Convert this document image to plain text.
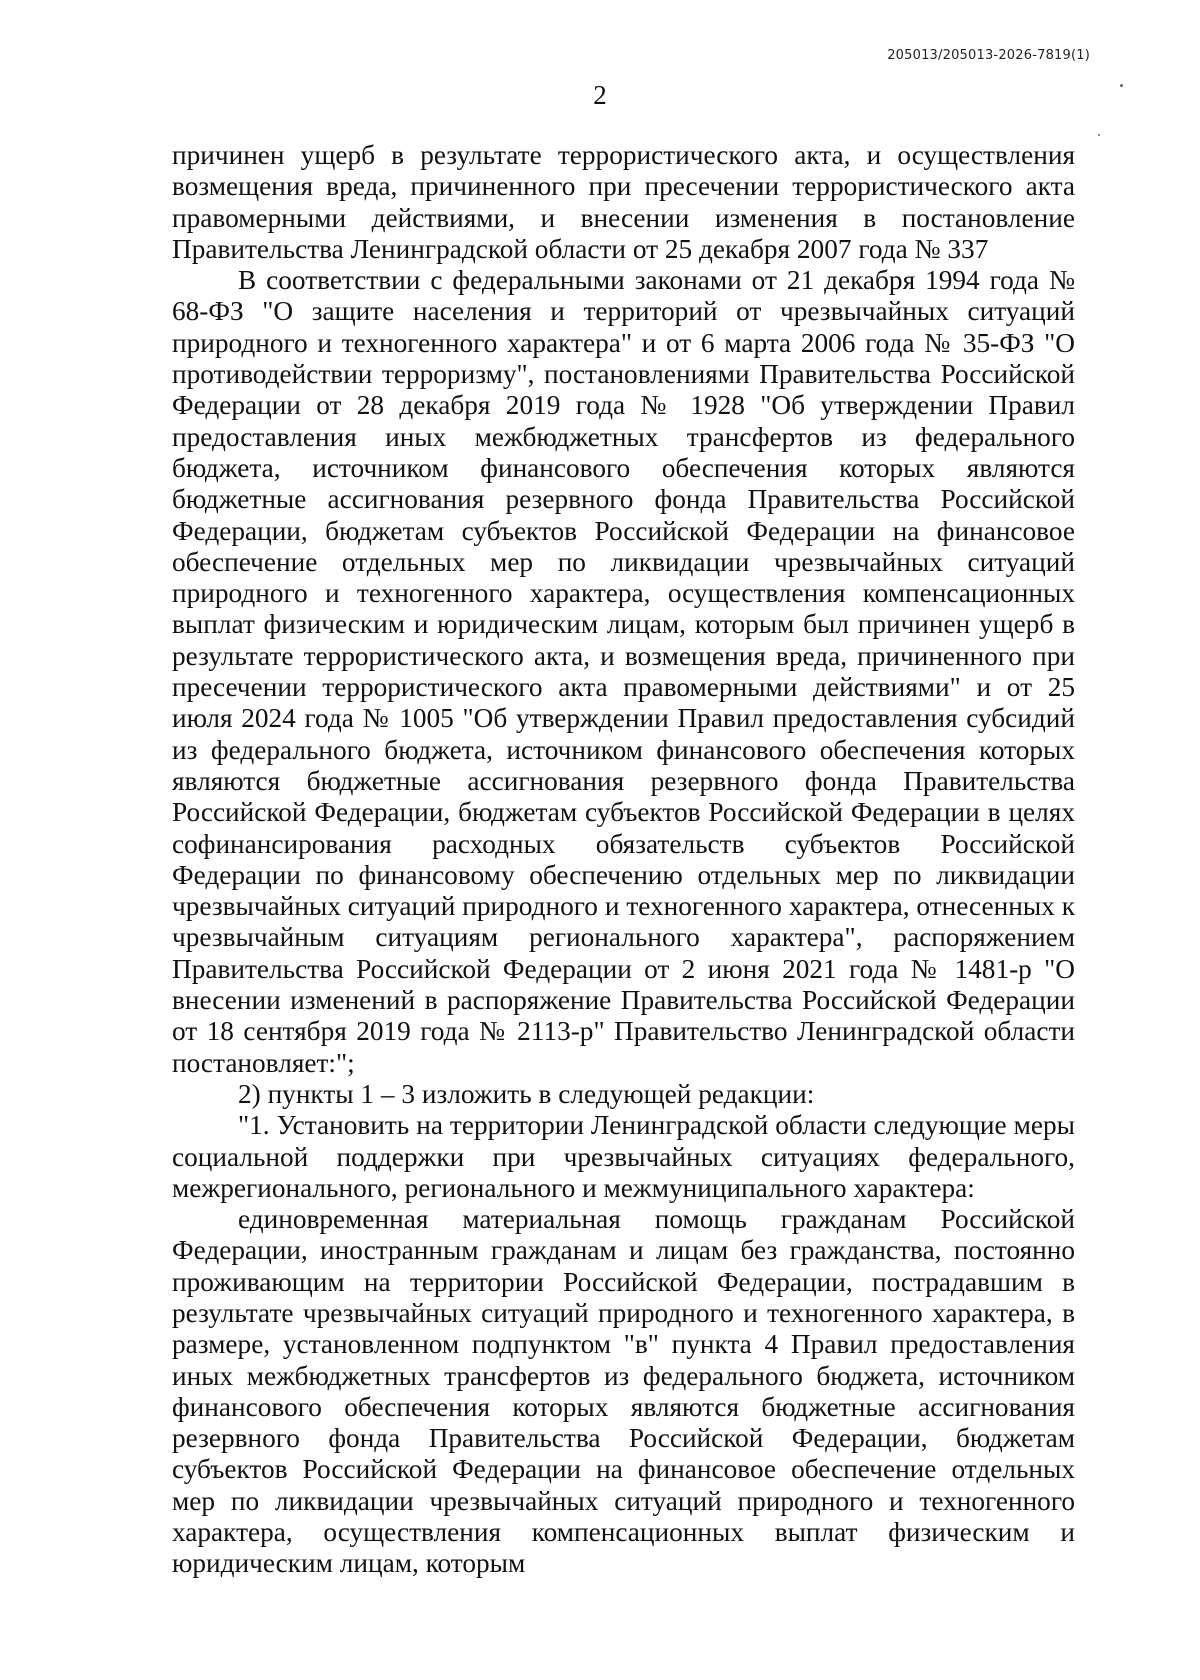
205013/205013-2026-7819(1)
2

причинен ущерб в результате террористического акта, и осуществления возмещения вреда, причиненного при пресечении террористического акта правомерными действиями, и внесении изменения в постановление Правительства Ленинградской области от 25 декабря 2007 года № 337

В соответствии с федеральными законами от 21 декабря 1994 года № 68-ФЗ "О защите населения и территорий от чрезвычайных ситуаций природного и техногенного характера" и от 6 марта 2006 года № 35-ФЗ "О противодействии терроризму", постановлениями Правительства Российской Федерации от 28 декабря 2019 года № 1928 "Об утверждении Правил предоставления иных межбюджетных трансфертов из федерального бюджета, источником финансового обеспечения которых являются бюджетные ассигнования резервного фонда Правительства Российской Федерации, бюджетам субъектов Российской Федерации на финансовое обеспечение отдельных мер по ликвидации чрезвычайных ситуаций природного и техногенного характера, осуществления компенсационных выплат физическим и юридическим лицам, которым был причинен ущерб в результате террористического акта, и возмещения вреда, причиненного при пресечении террористического акта правомерными действиями" и от 25 июля 2024 года № 1005 "Об утверждении Правил предоставления субсидий из федерального бюджета, источником финансового обеспечения которых являются бюджетные ассигнования резервного фонда Правительства Российской Федерации, бюджетам субъектов Российской Федерации в целях софинансирования расходных обязательств субъектов Российской Федерации по финансовому обеспечению отдельных мер по ликвидации чрезвычайных ситуаций природного и техногенного характера, отнесенных к чрезвычайным ситуациям регионального характера", распоряжением Правительства Российской Федерации от 2 июня 2021 года № 1481-р "О внесении изменений в распоряжение Правительства Российской Федерации от 18 сентября 2019 года № 2113-р" Правительство Ленинградской области постановляет:";

2) пункты 1 – 3 изложить в следующей редакции:

"1. Установить на территории Ленинградской области следующие меры социальной поддержки при чрезвычайных ситуациях федерального, межрегионального, регионального и межмуниципального характера:

единовременная материальная помощь гражданам Российской Федерации, иностранным гражданам и лицам без гражданства, постоянно проживающим на территории Российской Федерации, пострадавшим в результате чрезвычайных ситуаций природного и техногенного характера, в размере, установленном подпунктом "в" пункта 4 Правил предоставления иных межбюджетных трансфертов из федерального бюджета, источником финансового обеспечения которых являются бюджетные ассигнования резервного фонда Правительства Российской Федерации, бюджетам субъектов Российской Федерации на финансовое обеспечение отдельных мер по ликвидации чрезвычайных ситуаций природного и техногенного характера, осуществления компенсационных выплат физическим и юридическим лицам, которым
